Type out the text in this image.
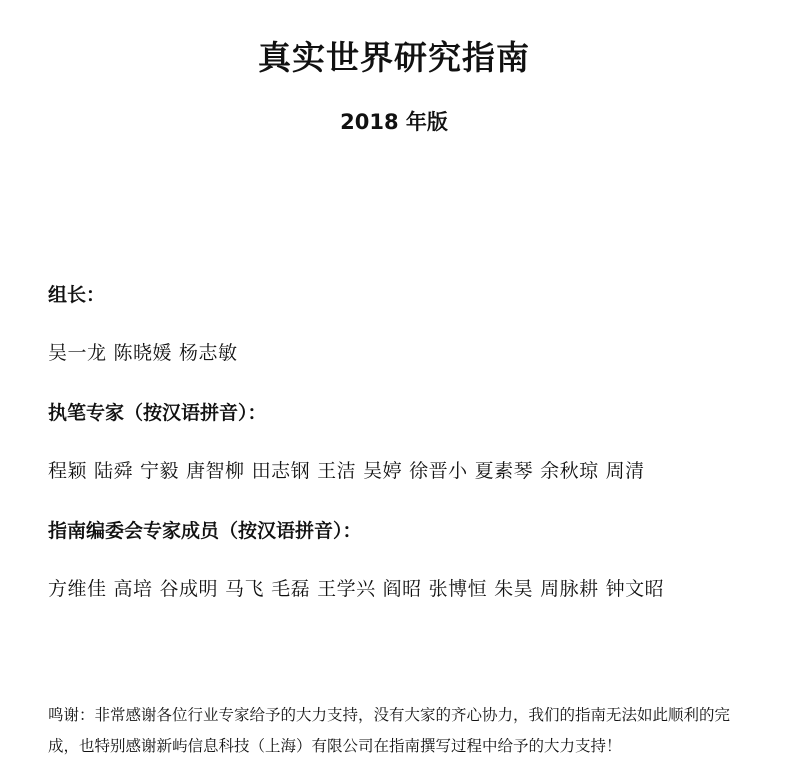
真实世界研究指南
2018 年版
组长：
吴一龙 陈晓媛 杨志敏
执笔专家（按汉语拼音）：
程颖 陆舜 宁毅 唐智柳 田志钢 王洁 吴婷 徐晋小 夏素琴 余秋琼 周清
指南编委会专家成员（按汉语拼音）：
方维佳 高培 谷成明 马飞 毛磊 王学兴 阎昭 张博恒 朱昊 周脉耕 钟文昭
鸣谢：非常感谢各位行业专家给予的大力支持，没有大家的齐心协力，我们的指南无法如此顺利的完成，也特别感谢新屿信息科技（上海）有限公司在指南撰写过程中给予的大力支持！
